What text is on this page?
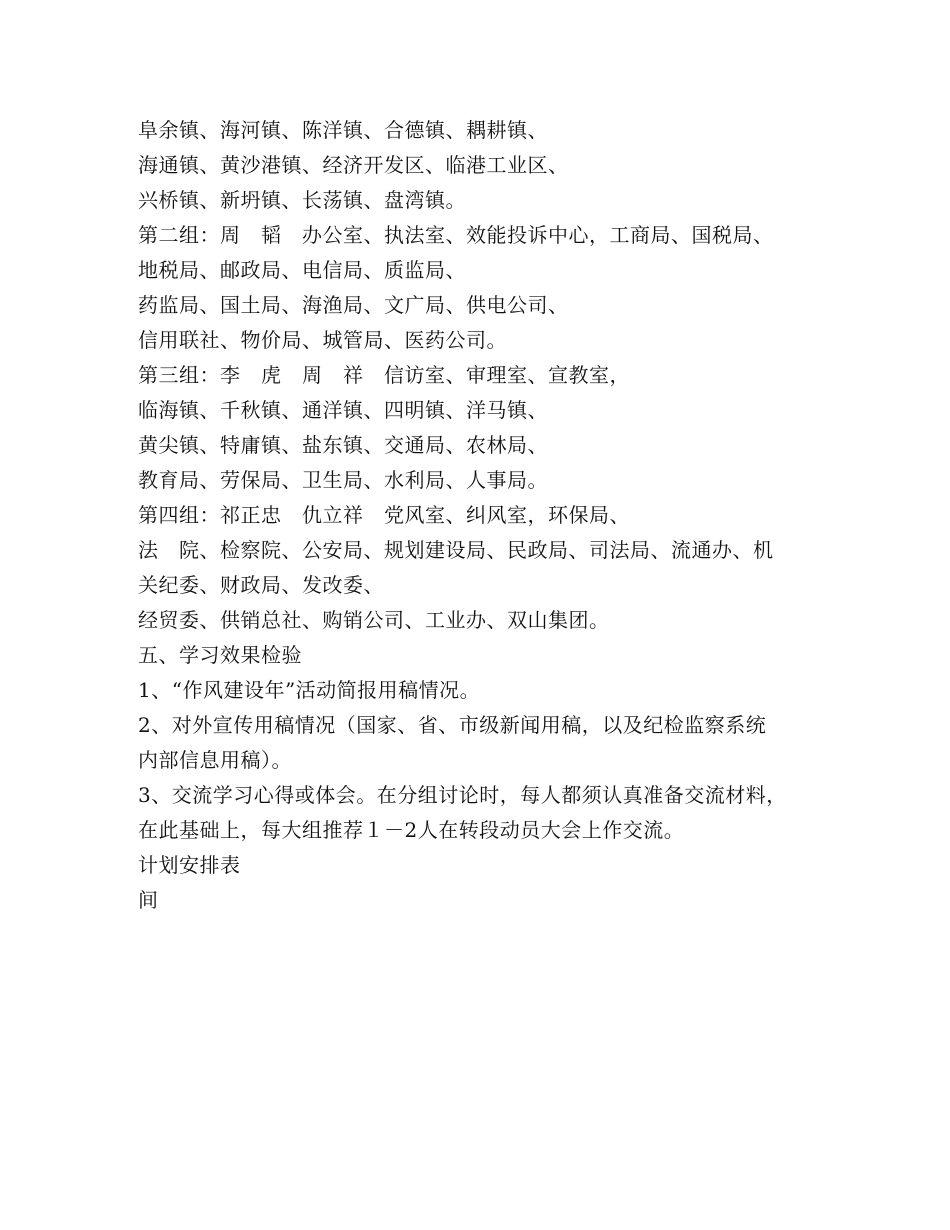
阜余镇、海河镇、陈洋镇、合德镇、耦耕镇、
海通镇、黄沙港镇、经济开发区、临港工业区、
兴桥镇、新坍镇、长荡镇、盘湾镇。
第二组：周　韬　办公室、执法室、效能投诉中心，工商局、国税局、
地税局、邮政局、电信局、质监局、
药监局、国土局、海渔局、文广局、供电公司、
信用联社、物价局、城管局、医药公司。
第三组：李　虎　周　祥　信访室、审理室、宣教室，
临海镇、千秋镇、通洋镇、四明镇、洋马镇、
黄尖镇、特庸镇、盐东镇、交通局、农林局、
教育局、劳保局、卫生局、水利局、人事局。
第四组：祁正忠　仇立祥　党风室、纠风室，环保局、
法　院、检察院、公安局、规划建设局、民政局、司法局、流通办、机
关纪委、财政局、发改委、
经贸委、供销总社、购销公司、工业办、双山集团。
五、学习效果检验
1、“作风建设年”活动简报用稿情况。
2、对外宣传用稿情况（国家、省、市级新闻用稿，以及纪检监察系统
内部信息用稿）。
3、交流学习心得或体会。在分组讨论时，每人都须认真准备交流材料，
在此基础上，每大组推荐１－2人在转段动员大会上作交流。
计划安排表
间
